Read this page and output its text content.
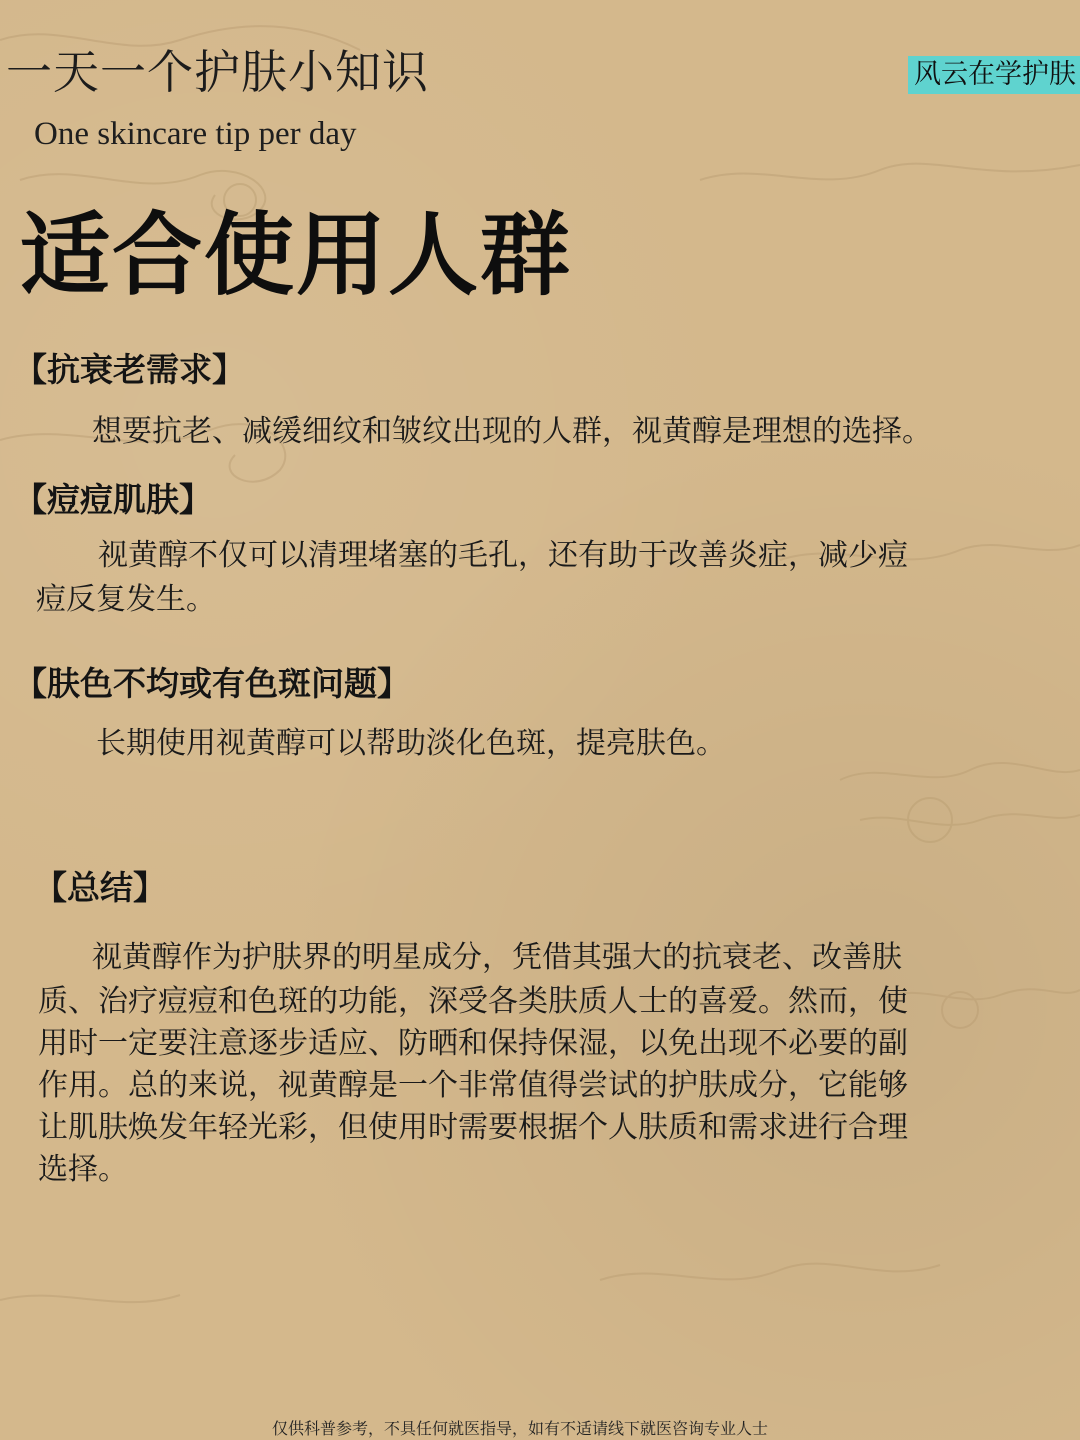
一天一个护肤小知识
One skincare tip per day
风云在学护肤
适合使用人群
【抗衰老需求】
想要抗老、减缓细纹和皱纹出现的人群，视黄醇是理想的选择。
【痘痘肌肤】
视黄醇不仅可以清理堵塞的毛孔，还有助于改善炎症，减少痘
痘反复发生。
【肤色不均或有色斑问题】
长期使用视黄醇可以帮助淡化色斑，提亮肤色。
【总结】
视黄醇作为护肤界的明星成分，凭借其强大的抗衰老、改善肤
质、治疗痘痘和色斑的功能，深受各类肤质人士的喜爱。然而，使
用时一定要注意逐步适应、防晒和保持保湿，以免出现不必要的副
作用。总的来说，视黄醇是一个非常值得尝试的护肤成分，它能够
让肌肤焕发年轻光彩，但使用时需要根据个人肤质和需求进行合理
选择。
仅供科普参考，不具任何就医指导，如有不适请线下就医咨询专业人士
